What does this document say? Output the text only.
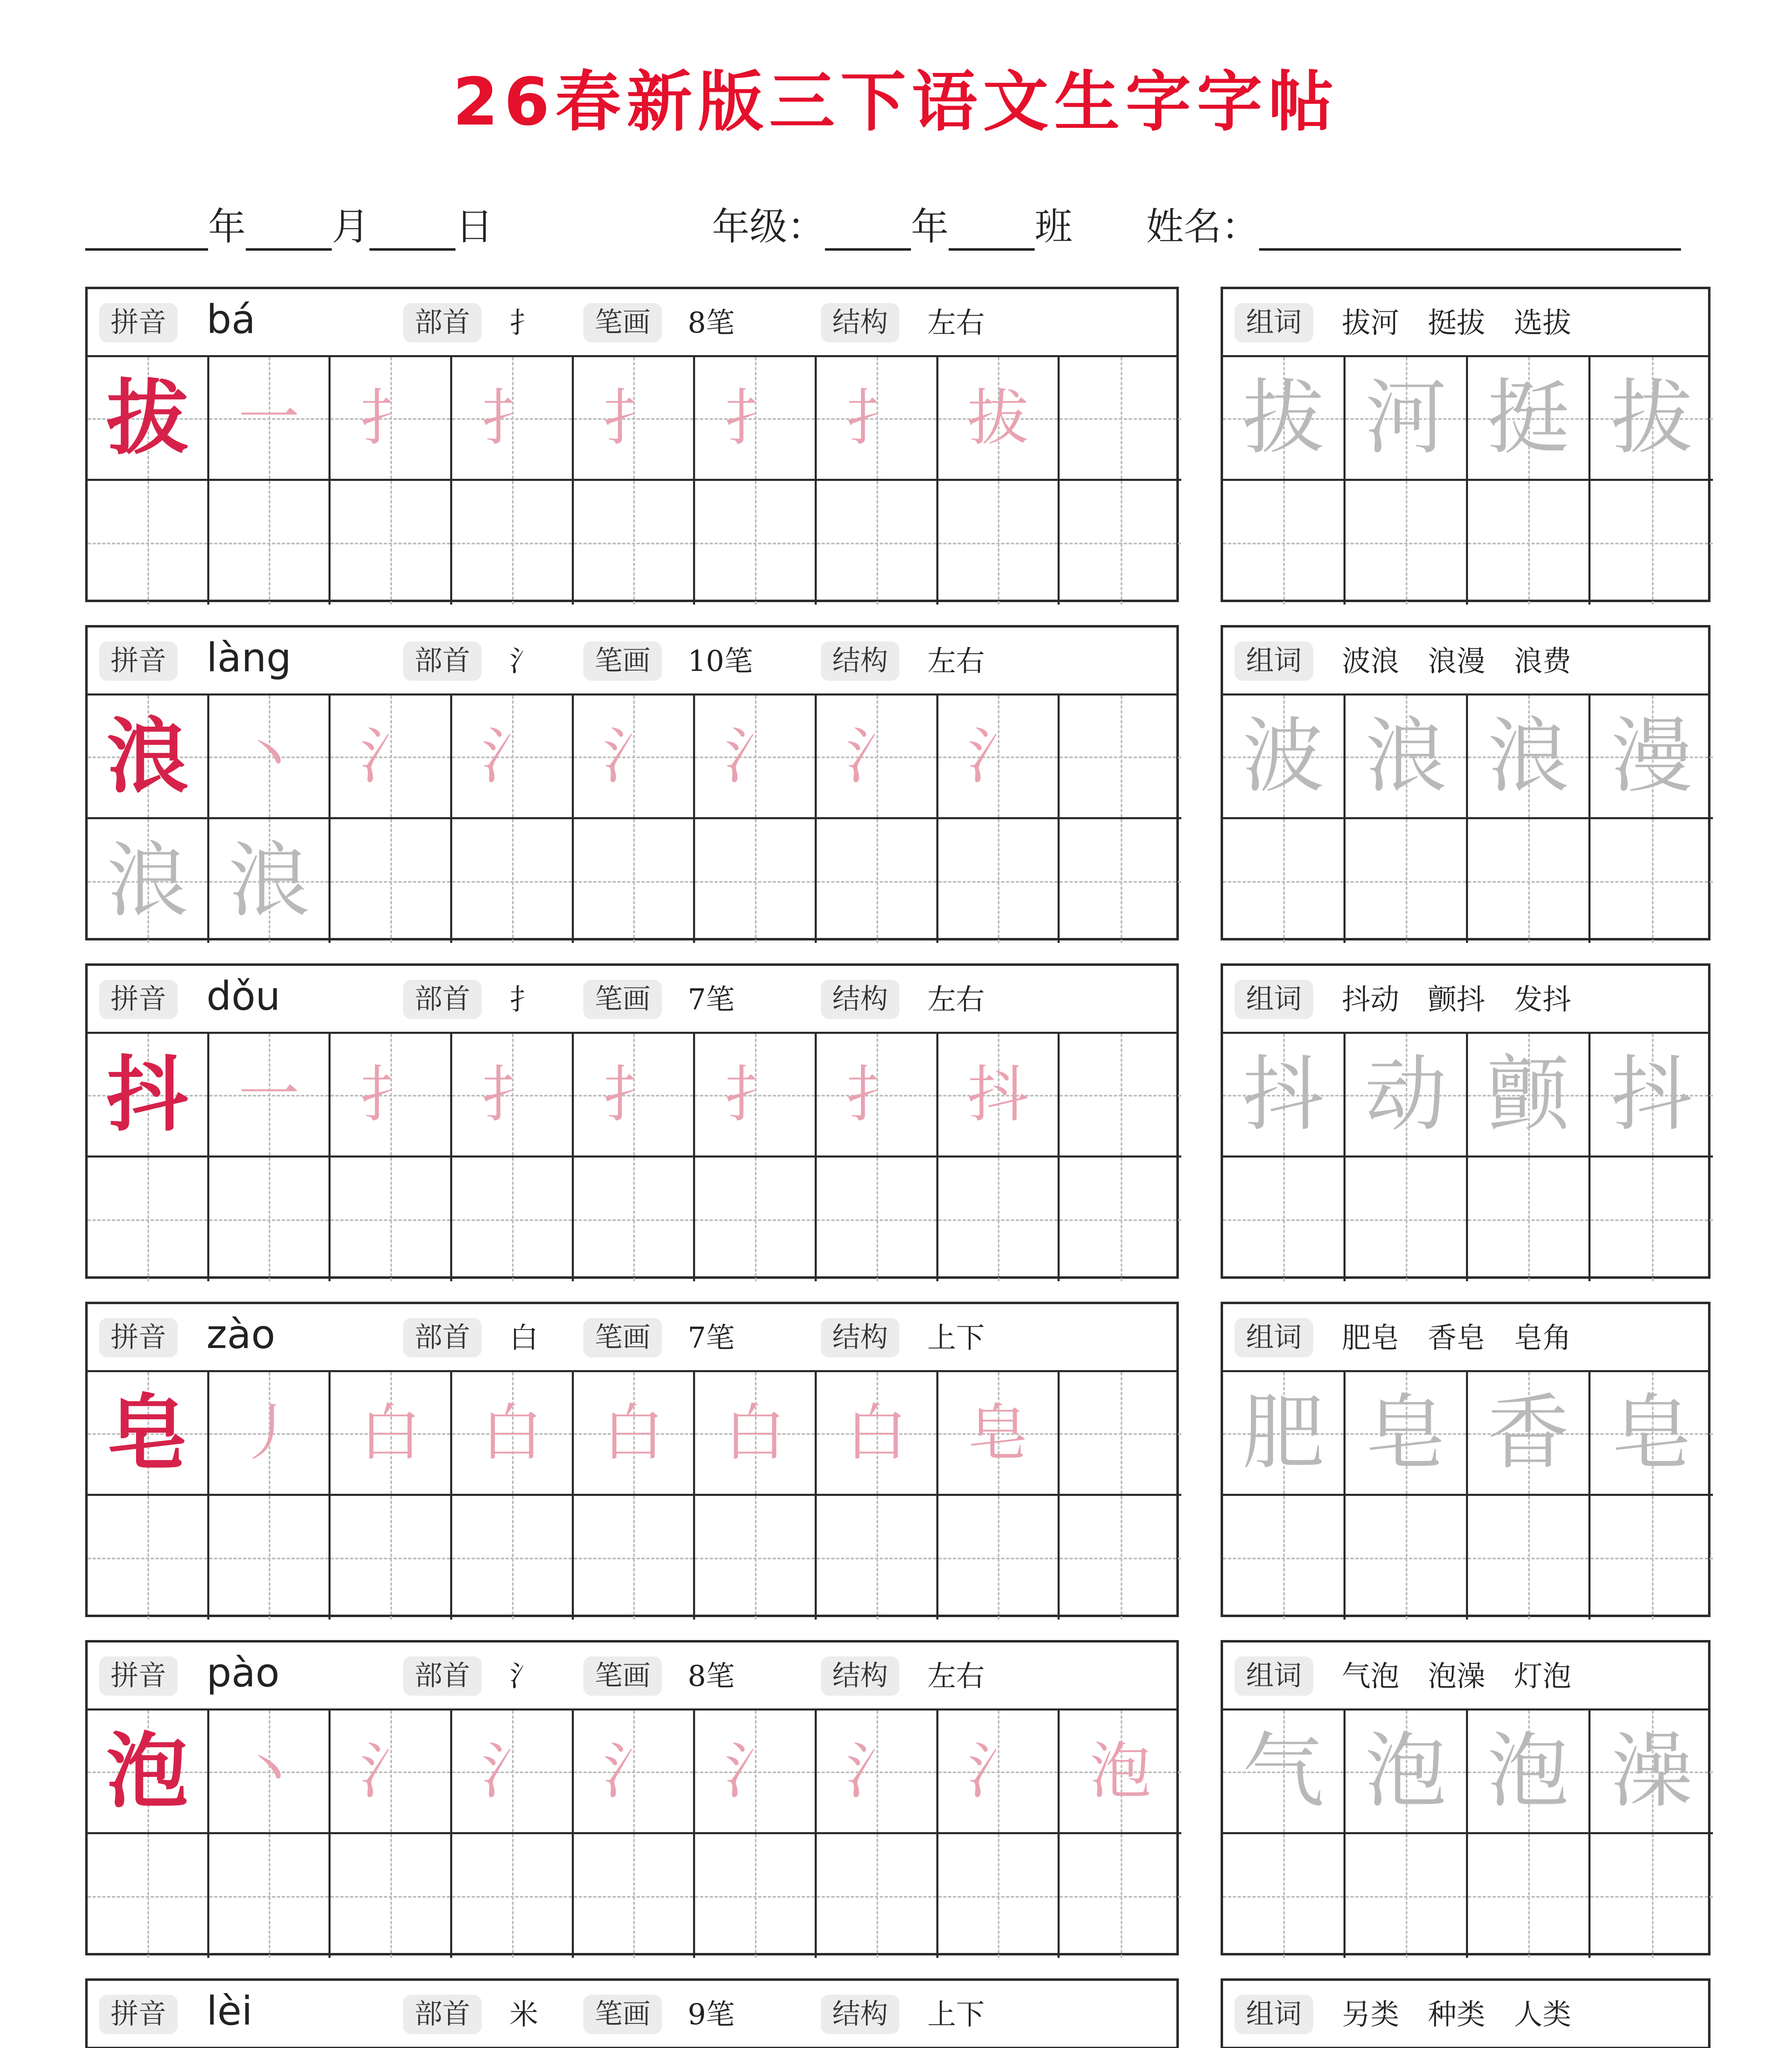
26春新版三下语文生字字帖
年 月 日	年级： 年 班 姓名：
拼音 bá	部首	扌	笔画	8笔	结构	左右
拔 一 扌 扌 扌 扌 扌 拔
组词	拔河　挺拔　选拔
拔 河 挺 拔
拼音 làng	部首	氵	笔画	10笔	结构	左右
浪 丶 氵 氵 氵 氵 氵 氵
浪 浪
组词	波浪　浪漫　浪费
波 浪 浪 漫
拼音 dǒu	部首	扌	笔画	7笔	结构	左右
抖 一 扌 扌 扌 扌 扌 抖
组词	抖动　颤抖　发抖
抖 动 颤 抖
拼音 zào	部首	白	笔画	7笔	结构	上下
皂 丿 白 白 白 白 白 皂
组词	肥皂　香皂　皂角
肥 皂 香 皂
拼音 pào	部首	氵	笔画	8笔	结构	左右
泡 丶 氵 氵 氵 氵 氵 氵 泡
组词	气泡　泡澡　灯泡
气 泡 泡 澡
拼音 lèi	部首	米	笔画	9笔	结构	上下	组词	另类　种类　人类
